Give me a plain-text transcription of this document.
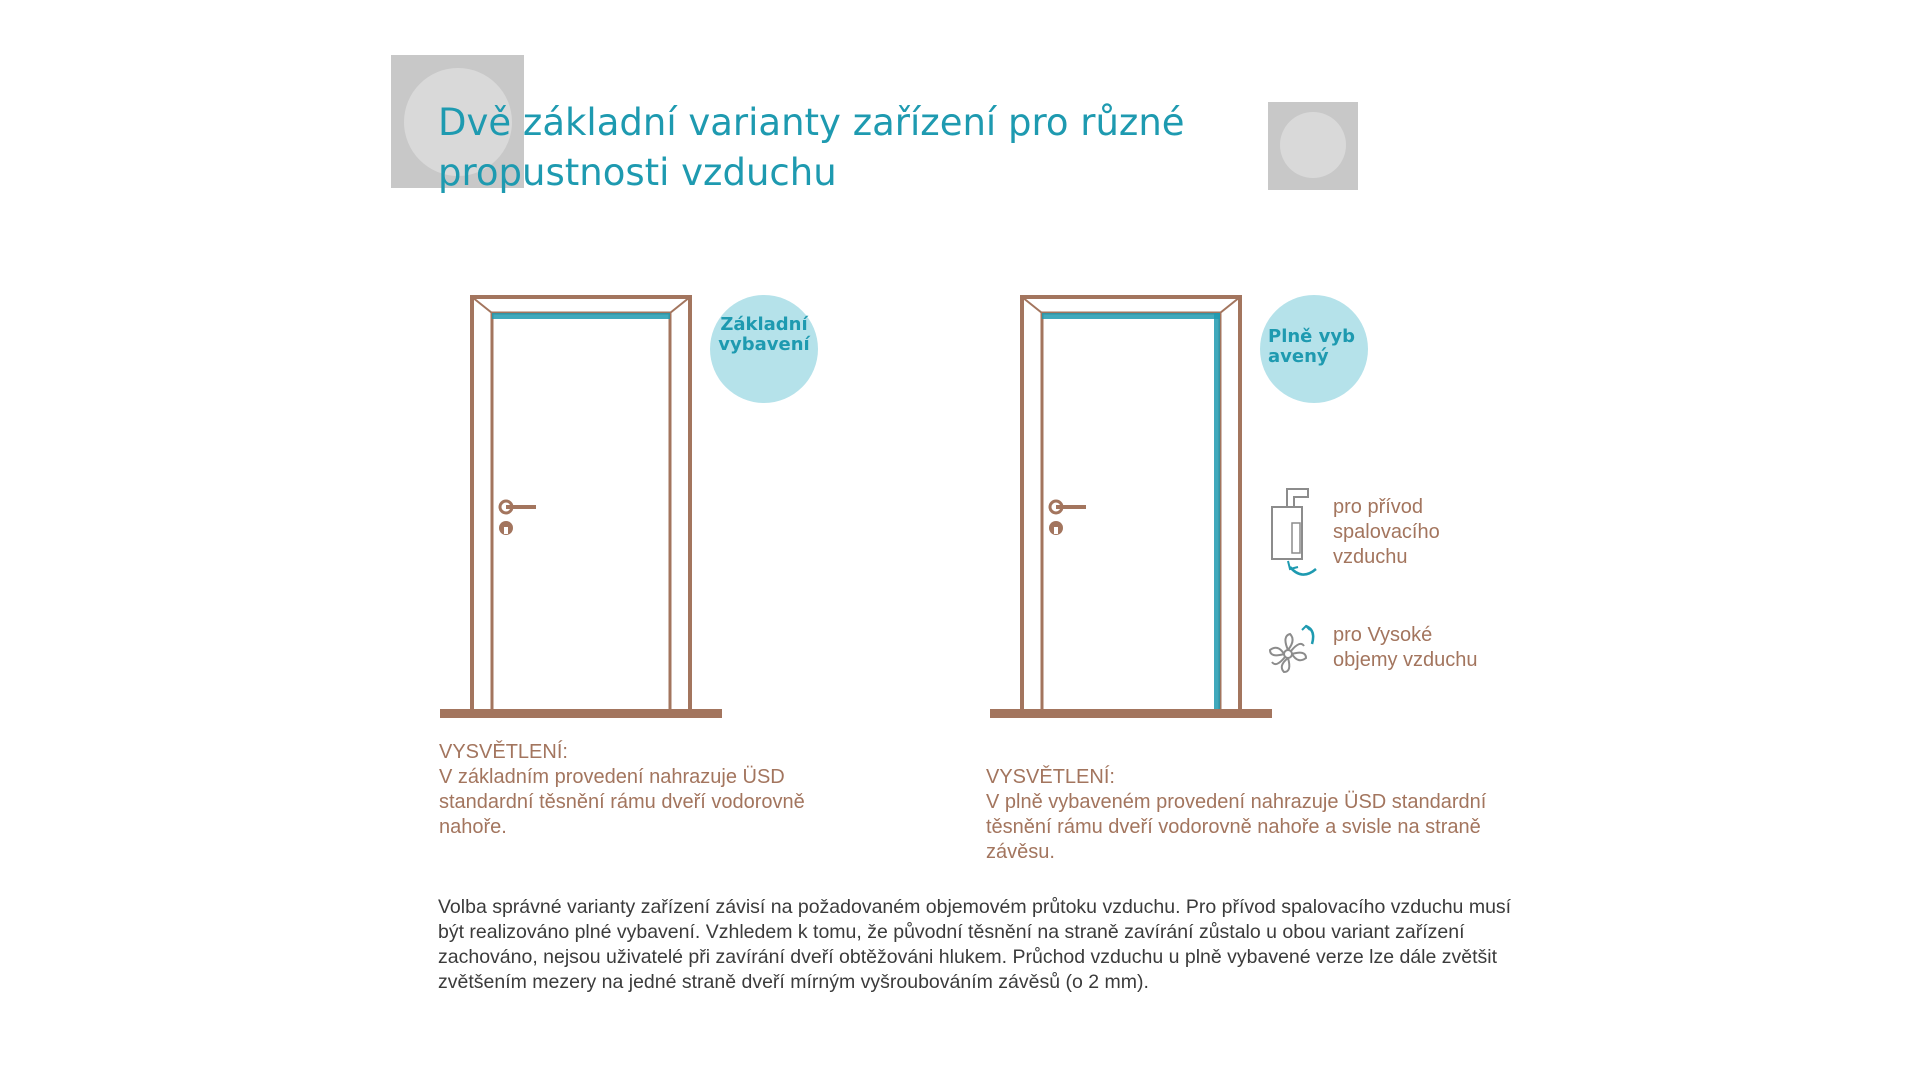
Dvě základní varianty zařízení pro různé propustnosti vzduchu
Základní vybavení	Plně vybavený
pro přívod spalovacího vzduchu
pro Vysoké objemy vzduchu
VYSVĚTLENÍ:
V základním provedení nahrazuje ÜSD standardní těsnění rámu dveří vodorovně nahoře.
VYSVĚTLENÍ:
V plně vybaveném provedení nahrazuje ÜSD standardní těsnění rámu dveří vodorovně nahoře a svisle na straně závěsu.
Volba správné varianty zařízení závisí na požadovaném objemovém průtoku vzduchu. Pro přívod spalovacího vzduchu musí být realizováno plné vybavení. Vzhledem k tomu, že původní těsnění na straně zavírání zůstalo u obou variant zařízení zachováno, nejsou uživatelé při zavírání dveří obtěžováni hlukem. Průchod vzduchu u plně vybavené verze lze dále zvětšit zvětšením mezery na jedné straně dveří mírným vyšroubováním závěsů (o 2 mm).
